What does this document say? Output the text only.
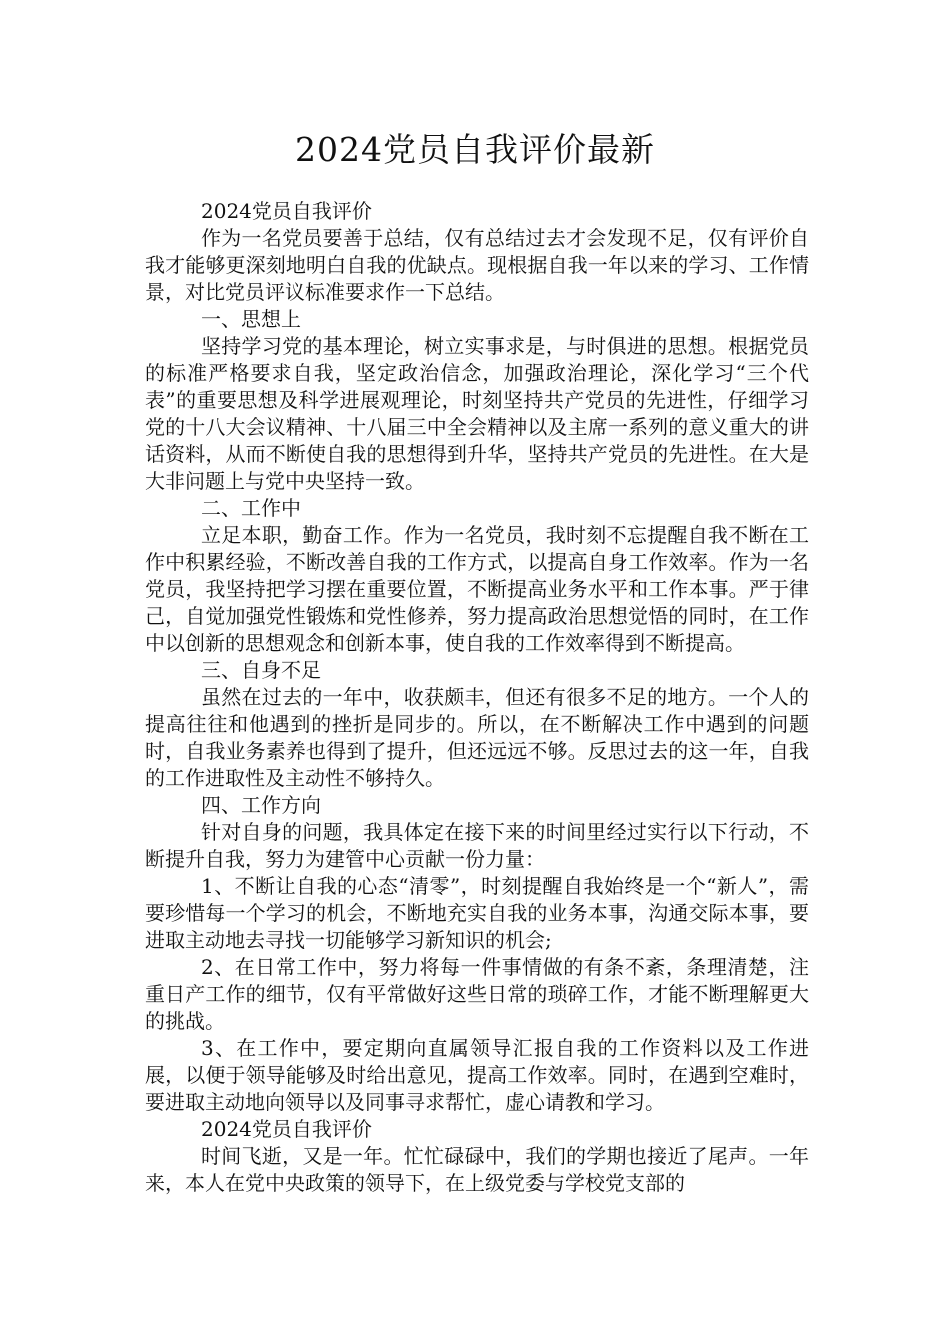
2024党员自我评价最新

2024党员自我评价

作为一名党员要善于总结，仅有总结过去才会发现不足，仅有评价自我才能够更深刻地明白自我的优缺点。现根据自我一年以来的学习、工作情景，对比党员评议标准要求作一下总结。

一、思想上

坚持学习党的基本理论，树立实事求是，与时俱进的思想。根据党员的标准严格要求自我，坚定政治信念，加强政治理论，深化学习“三个代表”的重要思想及科学进展观理论，时刻坚持共产党员的先进性，仔细学习党的十八大会议精神、十八届三中全会精神以及主席一系列的意义重大的讲话资料，从而不断使自我的思想得到升华，坚持共产党员的先进性。在大是大非问题上与党中央坚持一致。

二、工作中

立足本职，勤奋工作。作为一名党员，我时刻不忘提醒自我不断在工作中积累经验，不断改善自我的工作方式，以提高自身工作效率。作为一名党员，我坚持把学习摆在重要位置，不断提高业务水平和工作本事。严于律己，自觉加强党性锻炼和党性修养，努力提高政治思想觉悟的同时，在工作中以创新的思想观念和创新本事，使自我的工作效率得到不断提高。

三、自身不足

虽然在过去的一年中，收获颇丰，但还有很多不足的地方。一个人的提高往往和他遇到的挫折是同步的。所以，在不断解决工作中遇到的问题时，自我业务素养也得到了提升，但还远远不够。反思过去的这一年，自我的工作进取性及主动性不够持久。

四、工作方向

针对自身的问题，我具体定在接下来的时间里经过实行以下行动，不断提升自我，努力为建管中心贡献一份力量：

1、不断让自我的心态“清零”，时刻提醒自我始终是一个“新人”，需要珍惜每一个学习的机会，不断地充实自我的业务本事，沟通交际本事，要进取主动地去寻找一切能够学习新知识的机会;

2、在日常工作中，努力将每一件事情做的有条不紊，条理清楚，注重日产工作的细节，仅有平常做好这些日常的琐碎工作，才能不断理解更大的挑战。

3、在工作中，要定期向直属领导汇报自我的工作资料以及工作进展，以便于领导能够及时给出意见，提高工作效率。同时，在遇到空难时，要进取主动地向领导以及同事寻求帮忙，虚心请教和学习。

2024党员自我评价

时间飞逝，又是一年。忙忙碌碌中，我们的学期也接近了尾声。一年来，本人在党中央政策的领导下，在上级党委与学校党支部的
